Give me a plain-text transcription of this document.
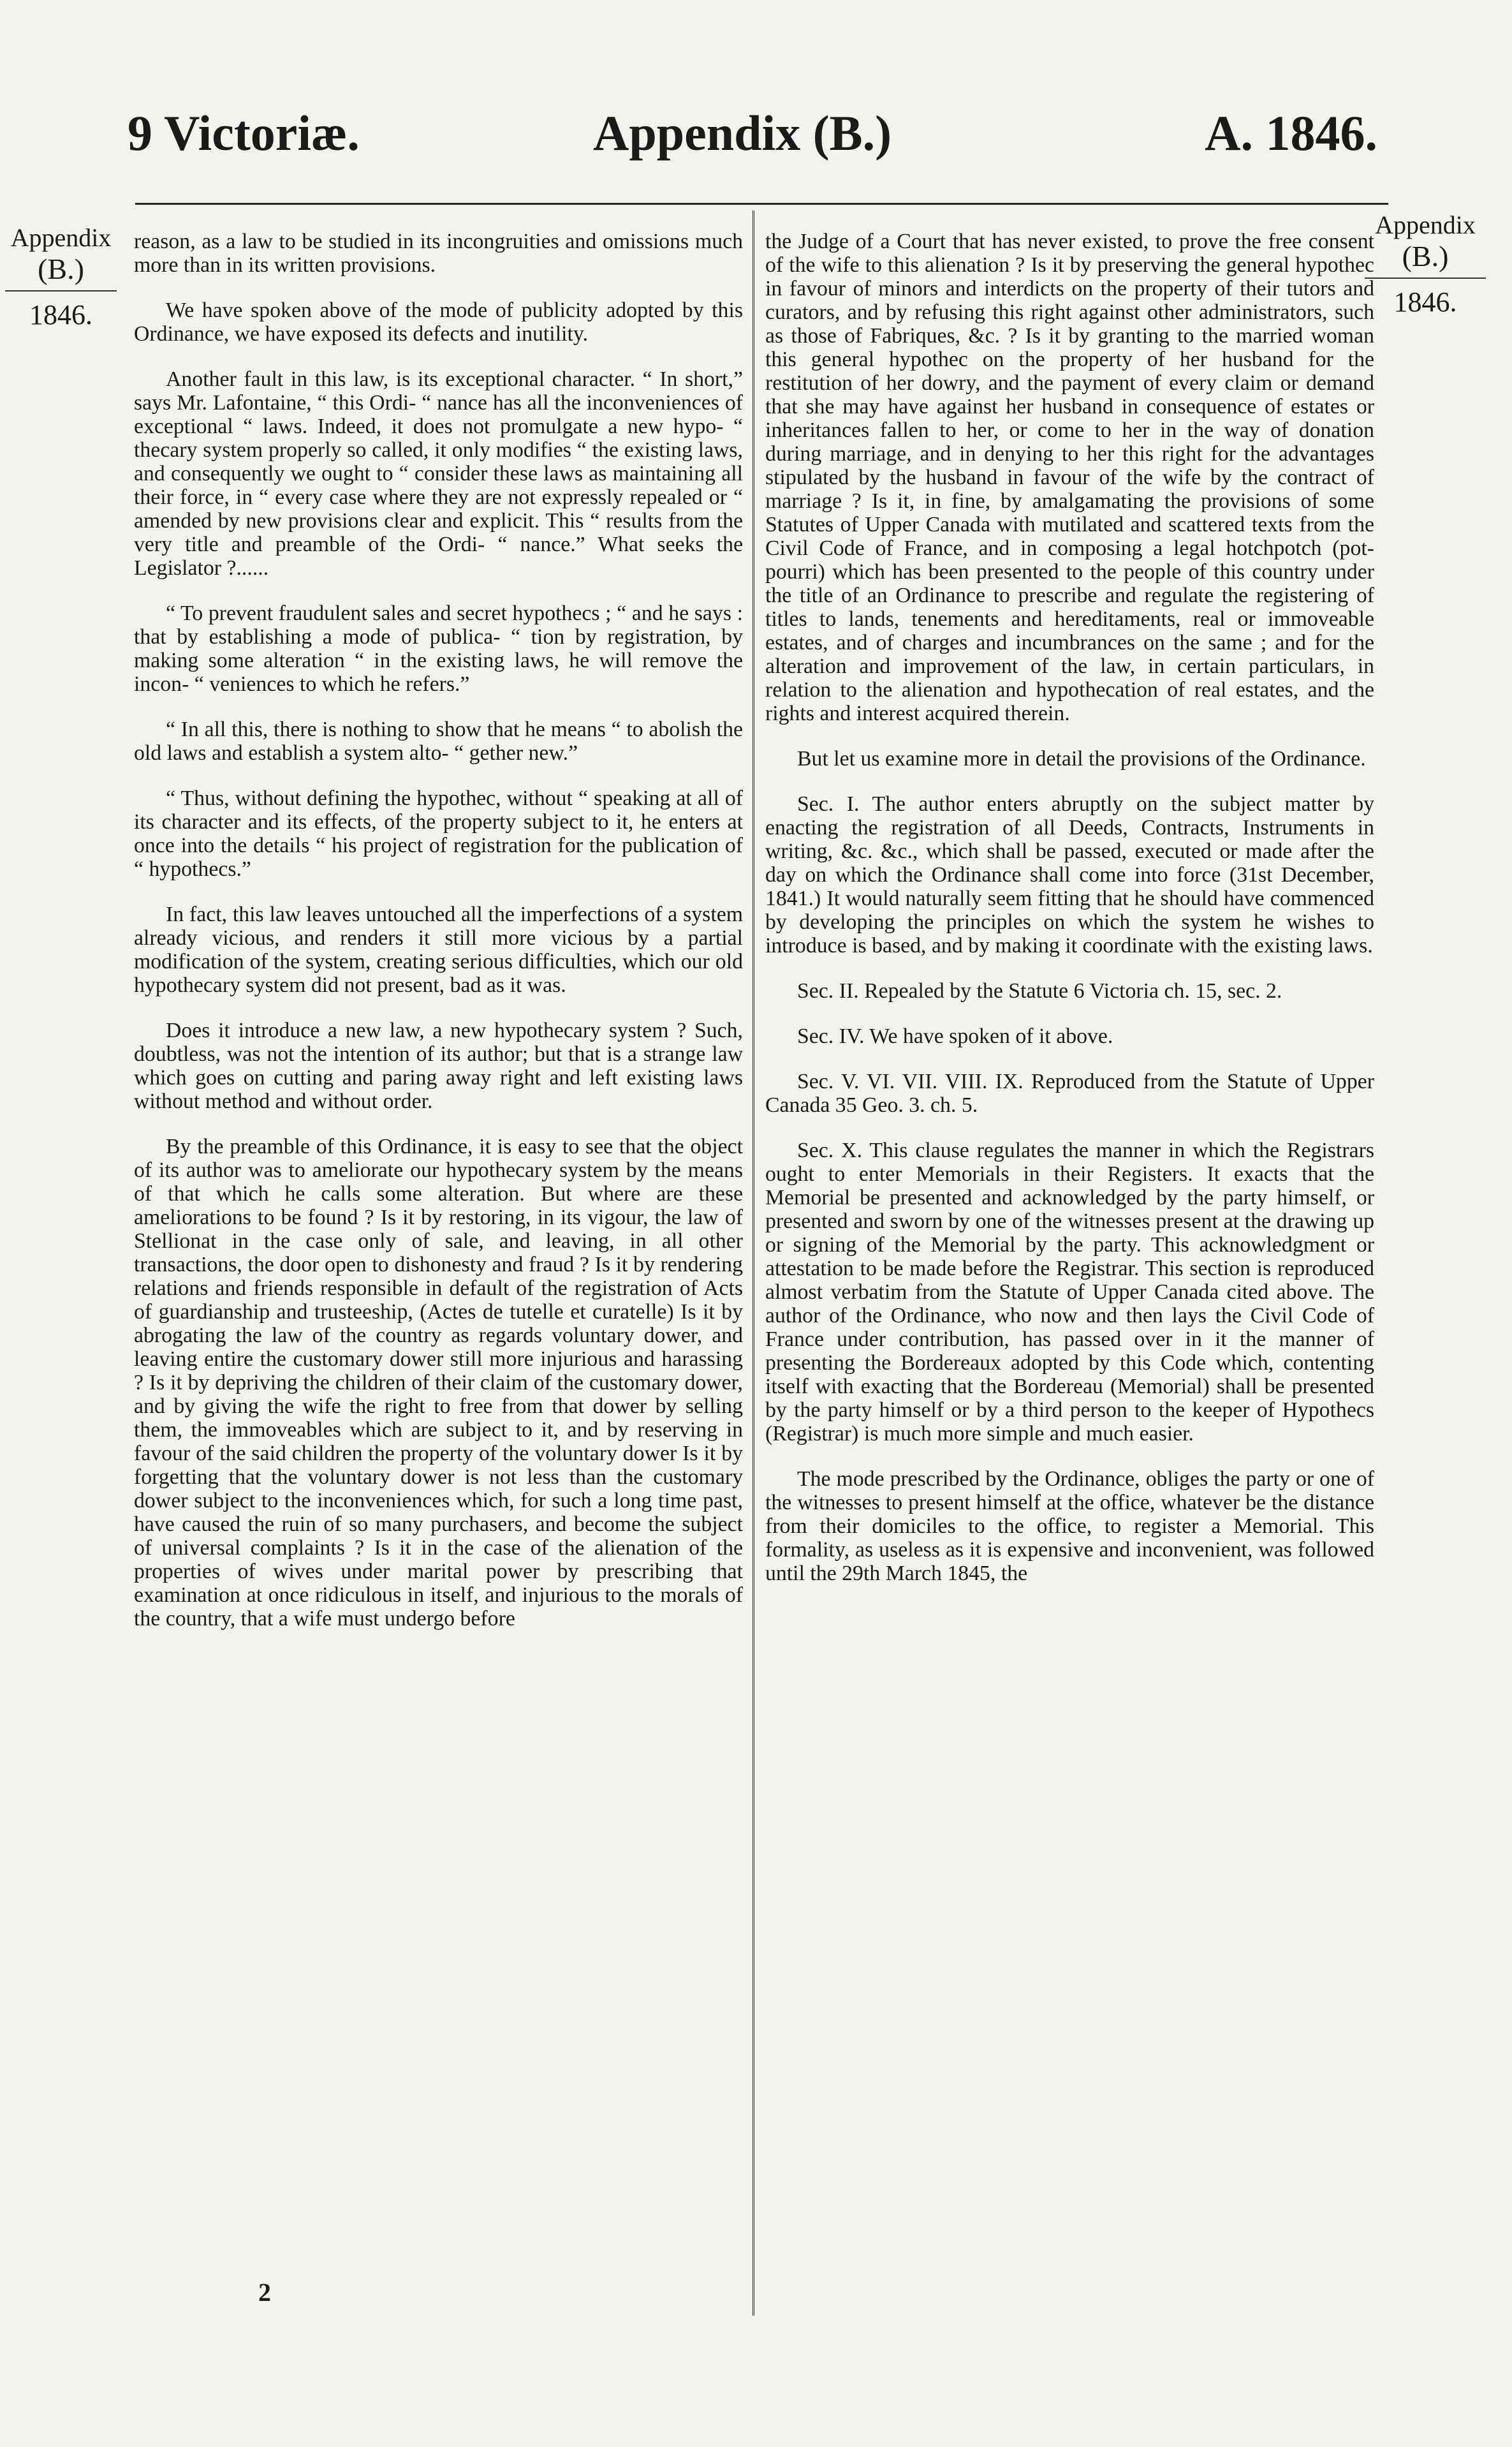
9 Victoriæ.	Appendix (B.)	A. 1846.
Appendix
(B.)
1846.
Appendix
(B.)
1846.

reason, as a law to be studied in its incongruities and omissions much more than in its written provisions.

We have spoken above of the mode of publicity adopted by this Ordinance, we have exposed its defects and inutility.

Another fault in this law, is its exceptional character. “ In short,” says Mr. Lafontaine, “ this Ordi- “ nance has all the inconveniences of exceptional “ laws. Indeed, it does not promulgate a new hypo- “ thecary system properly so called, it only modifies “ the existing laws, and consequently we ought to “ consider these laws as maintaining all their force, in “ every case where they are not expressly repealed or “ amended by new provisions clear and explicit. This “ results from the very title and preamble of the Ordi- “ nance.” What seeks the Legislator ?......

“ To prevent fraudulent sales and secret hypothecs ; “ and he says : that by establishing a mode of publica- “ tion by registration, by making some alteration “ in the existing laws, he will remove the incon- “ veniences to which he refers.”

“ In all this, there is nothing to show that he means “ to abolish the old laws and establish a system alto- “ gether new.”

“ Thus, without defining the hypothec, without “ speaking at all of its character and its effects, of the property subject to it, he enters at once into the details “ his project of registration for the publication of “ hypothecs.”

In fact, this law leaves untouched all the imperfections of a system already vicious, and renders it still more vicious by a partial modification of the system, creating serious difficulties, which our old hypothecary system did not present, bad as it was.

Does it introduce a new law, a new hypothecary system ? Such, doubtless, was not the intention of its author; but that is a strange law which goes on cutting and paring away right and left existing laws without method and without order.

By the preamble of this Ordinance, it is easy to see that the object of its author was to ameliorate our hypothecary system by the means of that which he calls some alteration. But where are these ameliorations to be found ? Is it by restoring, in its vigour, the law of Stellionat in the case only of sale, and leaving, in all other transactions, the door open to dishonesty and fraud ? Is it by rendering relations and friends responsible in default of the registration of Acts of guardianship and trusteeship, (Actes de tutelle et curatelle) Is it by abrogating the law of the country as regards voluntary dower, and leaving entire the customary dower still more injurious and harassing ? Is it by depriving the children of their claim of the customary dower, and by giving the wife the right to free from that dower by selling them, the immoveables which are subject to it, and by reserving in favour of the said children the property of the voluntary dower Is it by forgetting that the voluntary dower is not less than the customary dower subject to the inconveniences which, for such a long time past, have caused the ruin of so many purchasers, and become the subject of universal complaints ? Is it in the case of the alienation of the properties of wives under marital power by prescribing that examination at once ridiculous in itself, and injurious to the morals of the country, that a wife must undergo before

the Judge of a Court that has never existed, to prove the free consent of the wife to this alienation ? Is it by preserving the general hypothec in favour of minors and interdicts on the property of their tutors and curators, and by refusing this right against other administrators, such as those of Fabriques, &c. ? Is it by granting to the married woman this general hypothec on the property of her husband for the restitution of her dowry, and the payment of every claim or demand that she may have against her husband in consequence of estates or inheritances fallen to her, or come to her in the way of donation during marriage, and in denying to her this right for the advantages stipulated by the husband in favour of the wife by the contract of marriage ? Is it, in fine, by amalgamating the provisions of some Statutes of Upper Canada with mutilated and scattered texts from the Civil Code of France, and in composing a legal hotchpotch (pot-pourri) which has been presented to the people of this country under the title of an Ordinance to prescribe and regulate the registering of titles to lands, tenements and hereditaments, real or immoveable estates, and of charges and incumbrances on the same ; and for the alteration and improvement of the law, in certain particulars, in relation to the alienation and hypothecation of real estates, and the rights and interest acquired therein.

But let us examine more in detail the provisions of the Ordinance.

Sec. I. The author enters abruptly on the subject matter by enacting the registration of all Deeds, Contracts, Instruments in writing, &c. &c., which shall be passed, executed or made after the day on which the Ordinance shall come into force (31st December, 1841.) It would naturally seem fitting that he should have commenced by developing the principles on which the system he wishes to introduce is based, and by making it coordinate with the existing laws.

Sec. II. Repealed by the Statute 6 Victoria ch. 15, sec. 2.

Sec. IV. We have spoken of it above.

Sec. V. VI. VII. VIII. IX. Reproduced from the Statute of Upper Canada 35 Geo. 3. ch. 5.

Sec. X. This clause regulates the manner in which the Registrars ought to enter Memorials in their Registers. It exacts that the Memorial be presented and acknowledged by the party himself, or presented and sworn by one of the witnesses present at the drawing up or signing of the Memorial by the party. This acknowledgment or attestation to be made before the Registrar. This section is reproduced almost verbatim from the Statute of Upper Canada cited above. The author of the Ordinance, who now and then lays the Civil Code of France under contribution, has passed over in it the manner of presenting the Bordereaux adopted by this Code which, contenting itself with exacting that the Bordereau (Memorial) shall be presented by the party himself or by a third person to the keeper of Hypothecs (Registrar) is much more simple and much easier.

The mode prescribed by the Ordinance, obliges the party or one of the witnesses to present himself at the office, whatever be the distance from their domiciles to the office, to register a Memorial. This formality, as useless as it is expensive and inconvenient, was followed until the 29th March 1845, the

2
